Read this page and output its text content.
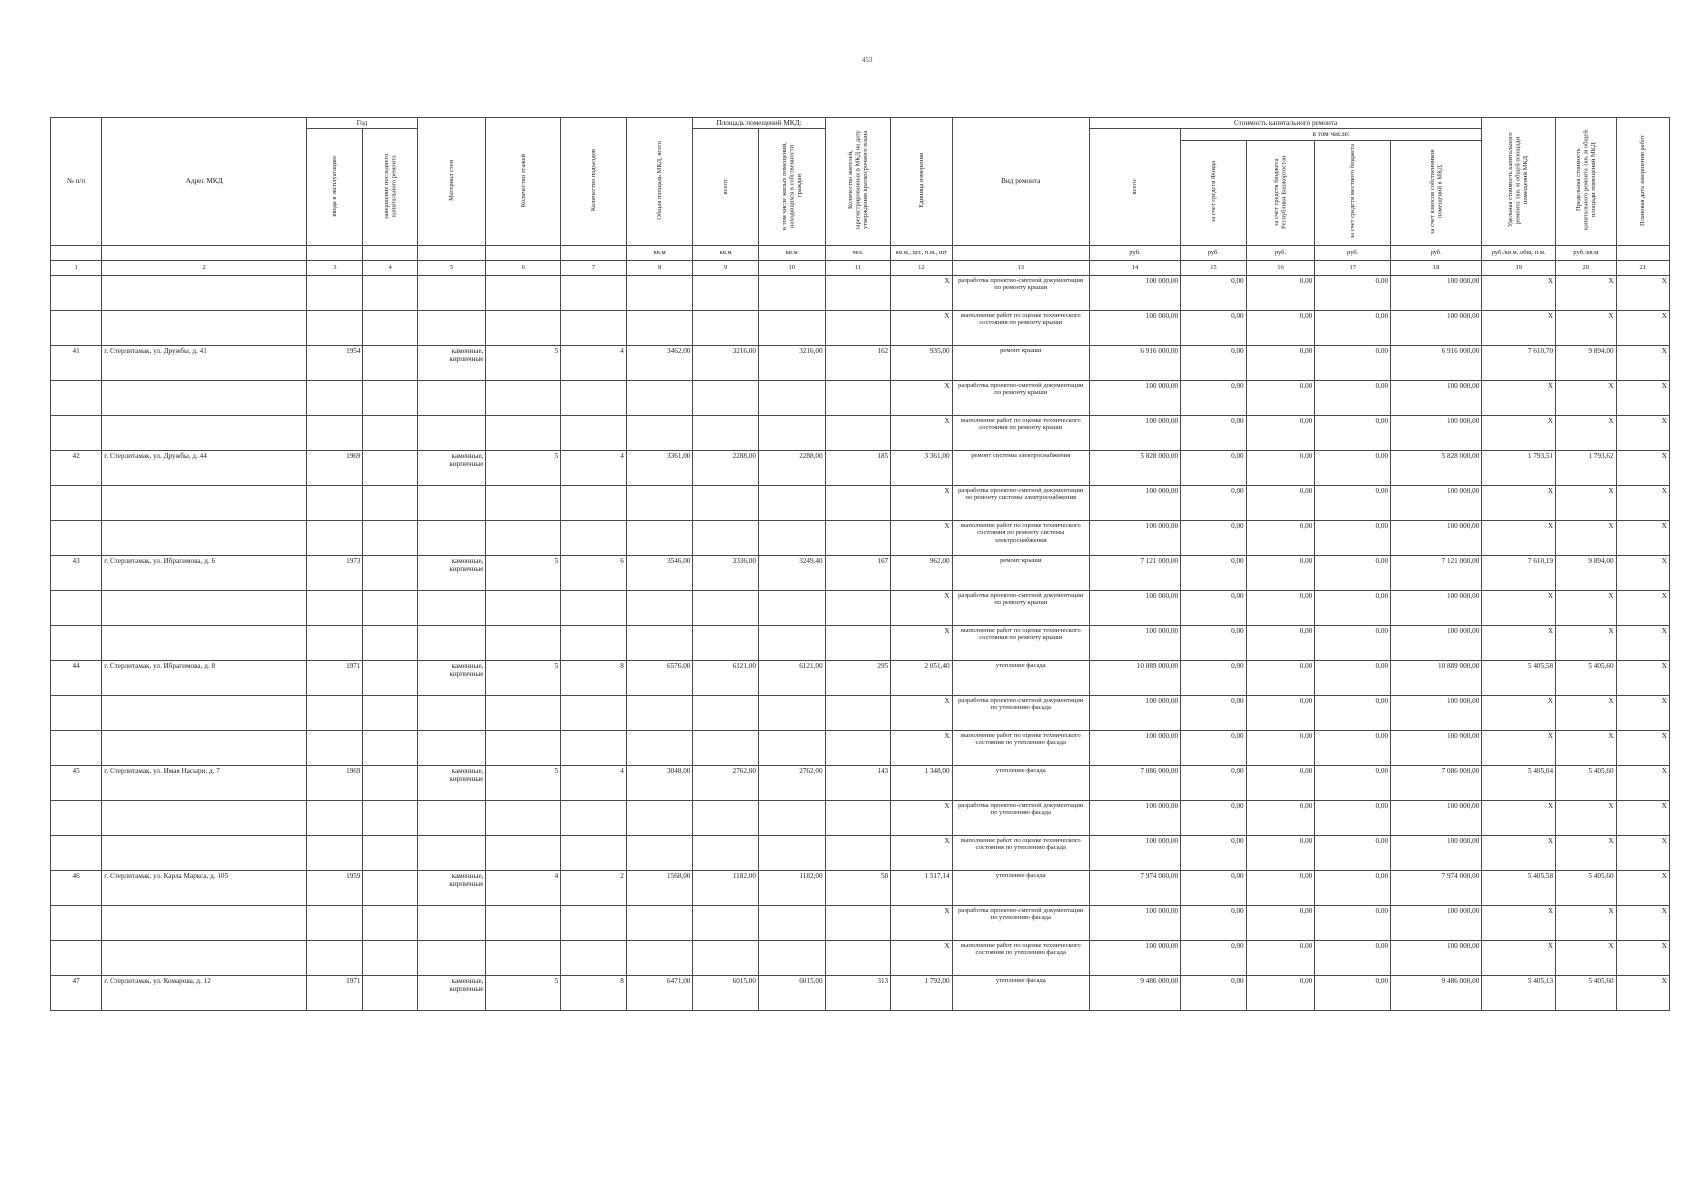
453
№ п/п	Адрес МКД	Год		Материал стен	Количество этажей	Количество подъездов	Общая площадь МКД, всего	Площадь помещений МКД:		Количество жителей, зарегистрированных в МКД на дату утверждения краткосрочного плана	Единица измерения	Вид ремонта	Стоимость капитального ремонта					Удельная стоимость капитального ремонта 1кв. м общей площади помещений МКД	Предельная стоимость капитального ремонта 1кв. м общей площади помещений МКД	Плановая дата завершения работ
		ввода в эксплуатацию	завершение последнего капитального ремонта					всего:	в том числе жилых помещений, находящихся в собственности граждан				всего:	в том числе:						
														за счет средств Фонда	за счет средств бюджета Республики Башкортостан	за счет средств местного бюджета	за счет взносов собственников помещений в МКД			
							кв.м	кв.м	кв.м	чел.	кв.м., шт., п.м., шт		руб.	руб.	руб.	руб.	руб.	руб./кв.м. общ. п.м.	руб./кв.м	
1	2	3	4	5	6	7	8	9	10	11	12	13	14	15	16	17	18	19	20	21
											X	разработка проектно-сметной документации по ремонту крыши	100 000,00	0,00	0,00	0,00	100 000,00	X	X	X
											X	выполнение работ по оценке технического состояния по ремонту крыши	100 000,00	0,00	0,00	0,00	100 000,00	X	X	X
41	г. Стерлитамак, ул. Дружбы, д. 41	1954		каменные, кирпичные	5	4	3462,00	3216,00	3216,00	162	935,00	ремонт крыши	6 916 000,00	0,00	0,00	0,00	6 916 000,00	7 610,70	9 894,00	X
											X	разработка проектно-сметной документации по ремонту крыши	100 000,00	0,00	0,00	0,00	100 000,00	X	X	X
											X	выполнение работ по оценке технического состояния по ремонту крыши	100 000,00	0,00	0,00	0,00	100 000,00	X	X	X
42	г. Стерлитамак, ул. Дружбы, д. 44	1969		каменные, кирпичные	5	4	3361,00	2288,00	2288,00	185	3 361,00	ремонт системы электроснабжения	5 828 000,00	0,00	0,00	0,00	5 828 000,00	1 793,51	1 793,62	X
											X	разработка проектно-сметной документации по ремонту системы электроснабжения	100 000,00	0,00	0,00	0,00	100 000,00	X	X	X
											X	выполнение работ по оценке технического состояния по ремонту системы электроснабжения	100 000,00	0,00	0,00	0,00	100 000,00	X	X	X
43	г. Стерлитамак, ул. Ибрагимова, д. 6	1973		каменные, кирпичные	5	6	3546,00	3336,00	3249,40	167	962,00	ремонт крыши	7 121 000,00	0,00	0,00	0,00	7 121 000,00	7 610,19	9 894,00	X
											X	разработка проектно-сметной документации по ремонту крыши	100 000,00	0,00	0,00	0,00	100 000,00	X	X	X
											X	выполнение работ по оценке технического состояния по ремонту крыши	100 000,00	0,00	0,00	0,00	100 000,00	X	X	X
44	г. Стерлитамак, ул. Ибрагимова, д. 8	1971		каменные, кирпичные	5	8	6576,00	6121,00	6121,00	295	2 051,40	утепление фасада	10 889 000,00	0,00	0,00	0,00	10 889 000,00	5 405,58	5 405,60	X
											X	разработка проектно-сметной документации по утеплению фасада	100 000,00	0,00	0,00	0,00	100 000,00	X	X	X
											X	выполнение работ по оценке технического состояния по утеплению фасада	100 000,00	0,00	0,00	0,00	100 000,00	X	X	X
45	г. Стерлитамак, ул. Имая Насыри, д. 7	1969		каменные, кирпичные	5	4	3048,00	2762,00	2762,00	143	1 348,00	утепление фасада	7 086 000,00	0,00	0,00	0,00	7 086 000,00	5 405,04	5 405,60	X
											X	разработка проектно-сметной документации по утеплению фасада	100 000,00	0,00	0,00	0,00	100 000,00	X	X	X
											X	выполнение работ по оценке технического состояния по утеплению фасада	100 000,00	0,00	0,00	0,00	100 000,00	X	X	X
46	г. Стерлитамак, ул. Карла Маркса, д. 105	1959		каменные, кирпичные	4	2	1568,00	1182,00	1182,00	58	1 517,14	утепление фасада	7 974 000,00	0,00	0,00	0,00	7 974 000,00	5 405,58	5 405,60	X
											X	разработка проектно-сметной документации по утеплению фасада	100 000,00	0,00	0,00	0,00	100 000,00	X	X	X
											X	выполнение работ по оценке технического состояния по утеплению фасада	100 000,00	0,00	0,00	0,00	100 000,00	X	X	X
47	г. Стерлитамак, ул. Комарова, д. 12	1971		каменные, кирпичные	5	8	6471,00	6015,00	6015,00	313	1 792,00	утепление фасада	9 486 000,00	0,00	0,00	0,00	9 486 000,00	5 405,13	5 405,60	X
